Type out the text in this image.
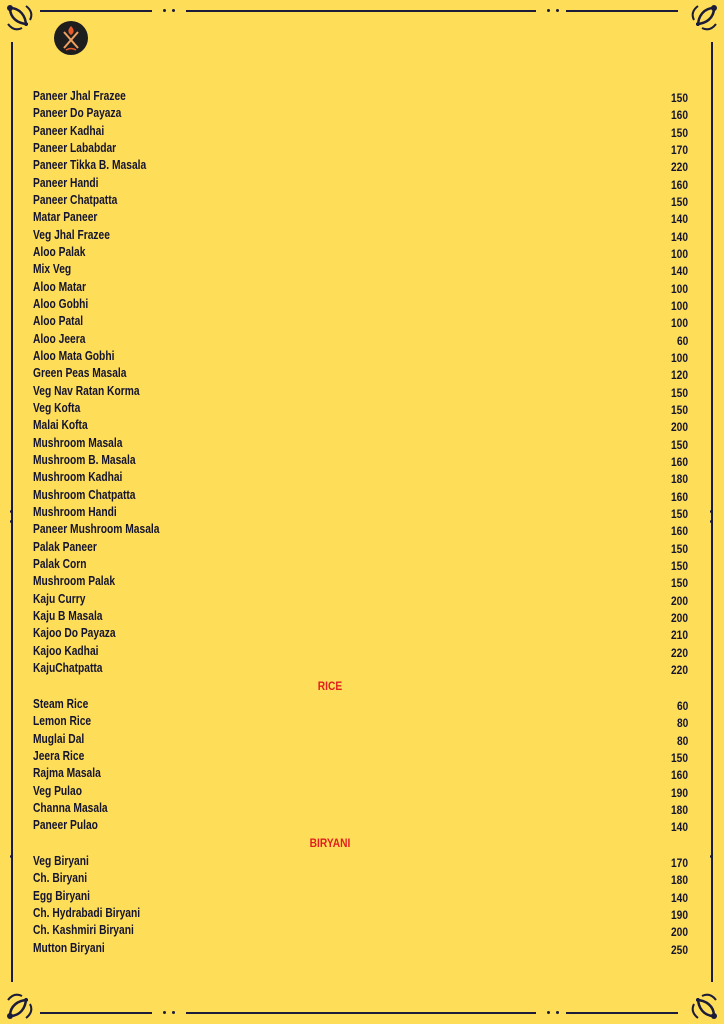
Paneer Jhal Frazee	150
Paneer Do Payaza	160
Paneer Kadhai	150
Paneer Lababdar	170
Paneer Tikka B. Masala	220
Paneer Handi	160
Paneer Chatpatta	150
Matar Paneer	140
Veg Jhal Frazee	140
Aloo Palak	100
Mix Veg	140
Aloo Matar	100
Aloo Gobhi	100
Aloo Patal	100
Aloo Jeera	60
Aloo Mata Gobhi	100
Green Peas Masala	120
Veg Nav Ratan Korma	150
Veg Kofta	150
Malai Kofta	200
Mushroom Masala	150
Mushroom B. Masala	160
Mushroom Kadhai	180
Mushroom Chatpatta	160
Mushroom Handi	150
Paneer Mushroom Masala	160
Palak Paneer	150
Palak Corn	150
Mushroom Palak	150
Kaju Curry	200
Kaju B Masala	200
Kajoo Do Payaza	210
Kajoo Kadhai	220
KajuChatpatta	220
RICE
Steam Rice	60
Lemon Rice	80
Muglai Dal	80
Jeera Rice	150
Rajma Masala	160
Veg Pulao	190
Channa Masala	180
Paneer Pulao	140
BIRYANI
Veg Biryani	170
Ch. Biryani	180
Egg Biryani	140
Ch. Hydrabadi Biryani	190
Ch. Kashmiri Biryani	200
Mutton Biryani	250
